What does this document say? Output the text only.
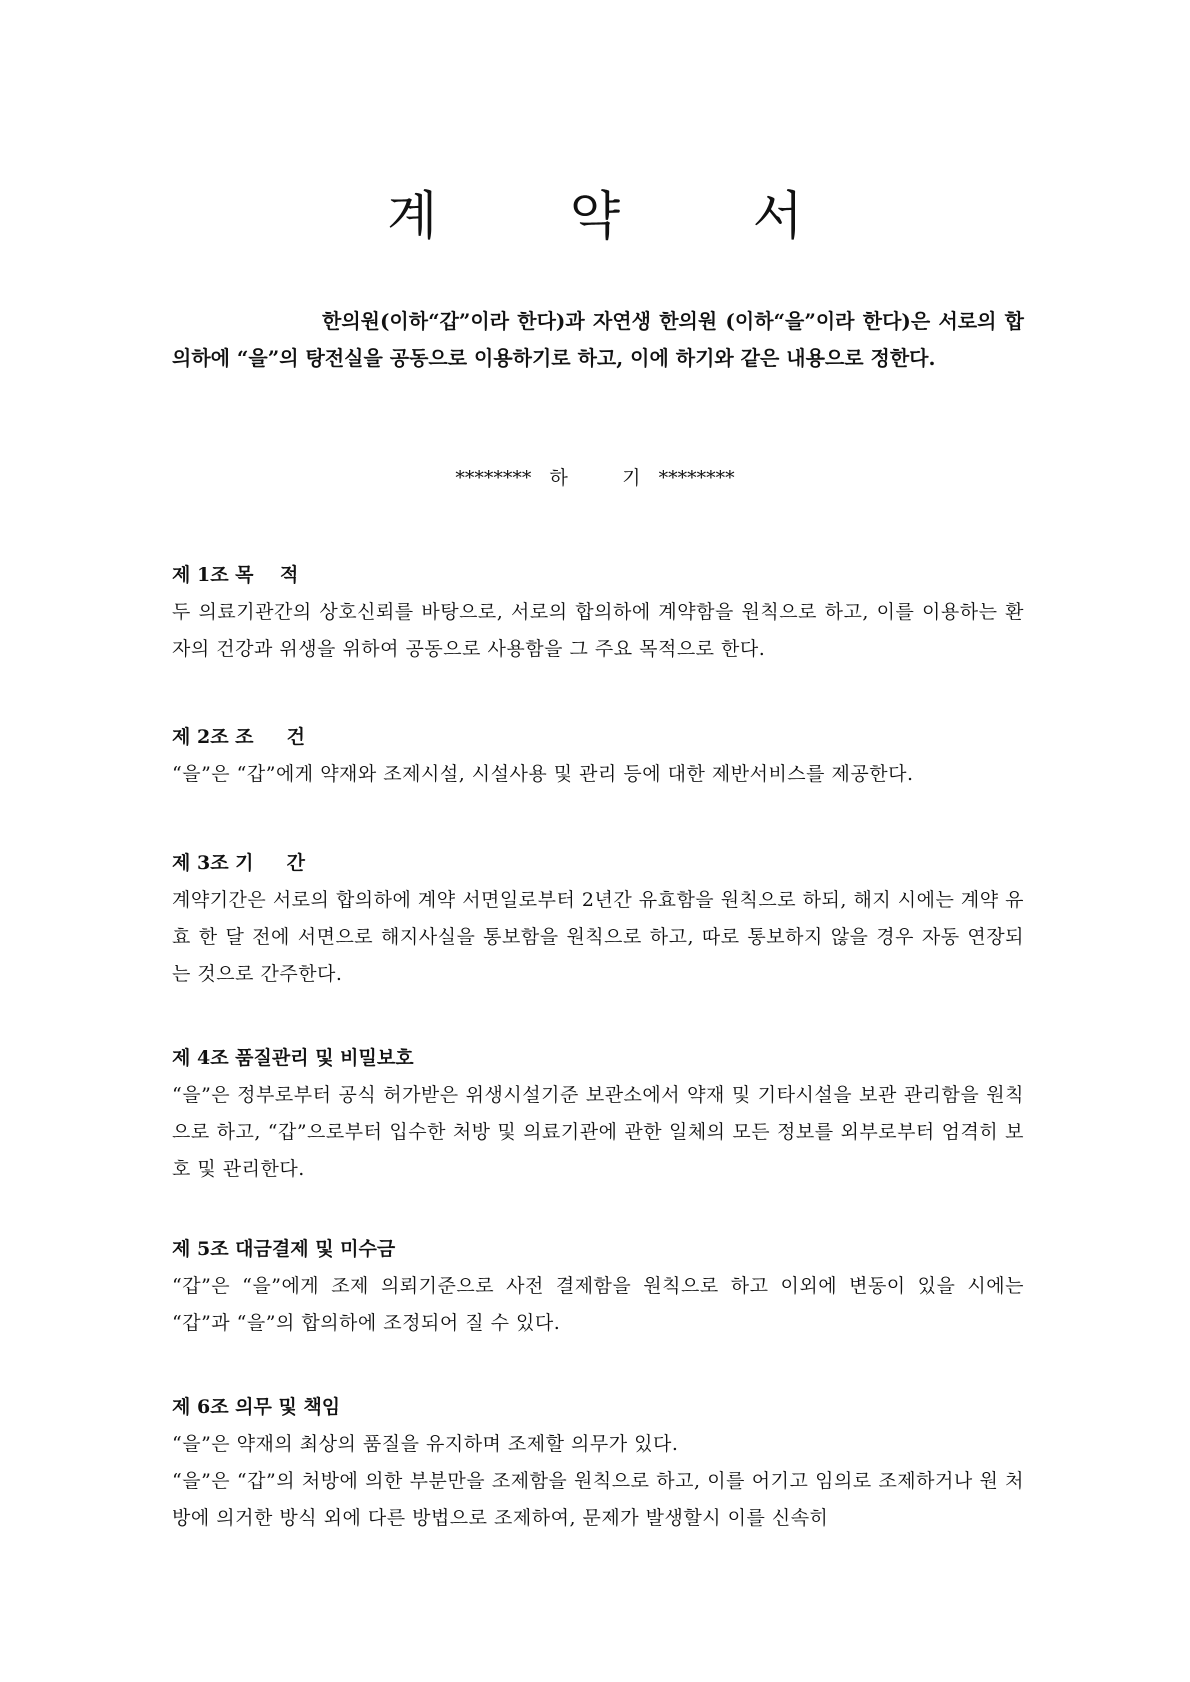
계 약 서

한의원(이하“갑”이라 한다)과 자연생 한의원 (이하“을”이라 한다)은 서로의 합의하에 “을”의 탕전실을 공동으로 이용하기로 하고, 이에 하기와 같은 내용으로 정한다.

********   하         기   ********

제 1조 목    적

두 의료기관간의 상호신뢰를 바탕으로, 서로의 합의하에 계약함을 원칙으로 하고, 이를 이용하는 환자의 건강과 위생을 위하여 공동으로 사용함을 그 주요 목적으로 한다.

제 2조 조     건

“을”은 “갑”에게 약재와 조제시설, 시설사용 및 관리 등에 대한 제반서비스를 제공한다.

제 3조 기     간

계약기간은 서로의 합의하에 계약 서면일로부터 2년간 유효함을 원칙으로 하되, 해지 시에는 계약 유효 한 달 전에 서면으로 해지사실을 통보함을 원칙으로 하고, 따로 통보하지 않을 경우 자동 연장되는 것으로 간주한다.

제 4조 품질관리 및 비밀보호

“을”은 정부로부터 공식 허가받은 위생시설기준 보관소에서 약재 및 기타시설을 보관 관리함을 원칙으로 하고, “갑”으로부터 입수한 처방 및 의료기관에 관한 일체의 모든 정보를 외부로부터 엄격히 보호 및 관리한다.

제 5조 대금결제 및 미수금

“갑”은 “을”에게 조제 의뢰기준으로 사전 결제함을 원칙으로 하고 이외에 변동이 있을 시에는 “갑”과 “을”의 합의하에 조정되어 질 수 있다.

제 6조 의무 및 책임

“을”은 약재의 최상의 품질을 유지하며 조제할 의무가 있다.

“을”은 “갑”의 처방에 의한 부분만을 조제함을 원칙으로 하고, 이를 어기고 임의로 조제하거나 원 처방에 의거한 방식 외에 다른 방법으로 조제하여, 문제가 발생할시 이를 신속히
